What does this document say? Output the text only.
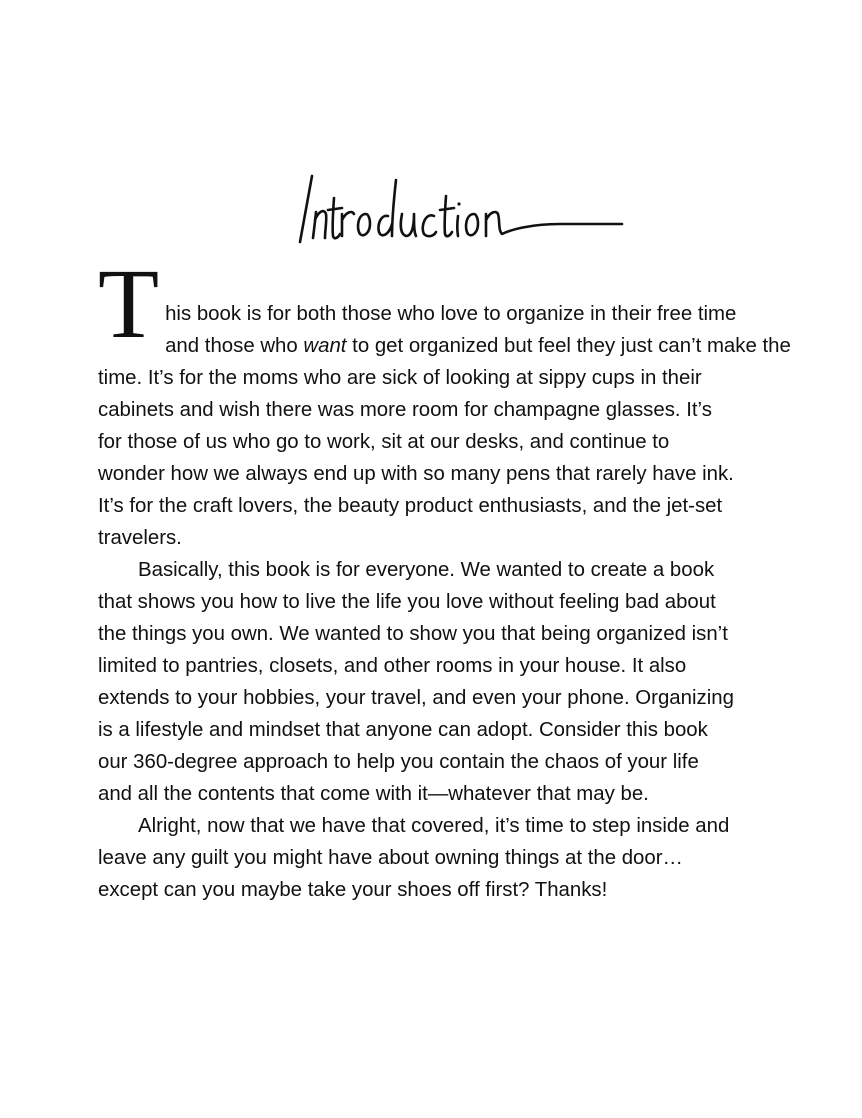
T his book is for both those who love to organize in their free time
and those who want to get organized but feel they just can’t make the
time. It’s for the moms who are sick of looking at sippy cups in their
cabinets and wish there was more room for champagne glasses. It’s
for those of us who go to work, sit at our desks, and continue to
wonder how we always end up with so many pens that rarely have ink.
It’s for the craft lovers, the beauty product enthusiasts, and the jet-set
travelers.

Basically, this book is for everyone. We wanted to create a book
that shows you how to live the life you love without feeling bad about
the things you own. We wanted to show you that being organized isn’t
limited to pantries, closets, and other rooms in your house. It also
extends to your hobbies, your travel, and even your phone. Organizing
is a lifestyle and mindset that anyone can adopt. Consider this book
our 360-degree approach to help you contain the chaos of your life
and all the contents that come with it—whatever that may be.

Alright, now that we have that covered, it’s time to step inside and
leave any guilt you might have about owning things at the door…
except can you maybe take your shoes off first? Thanks!
